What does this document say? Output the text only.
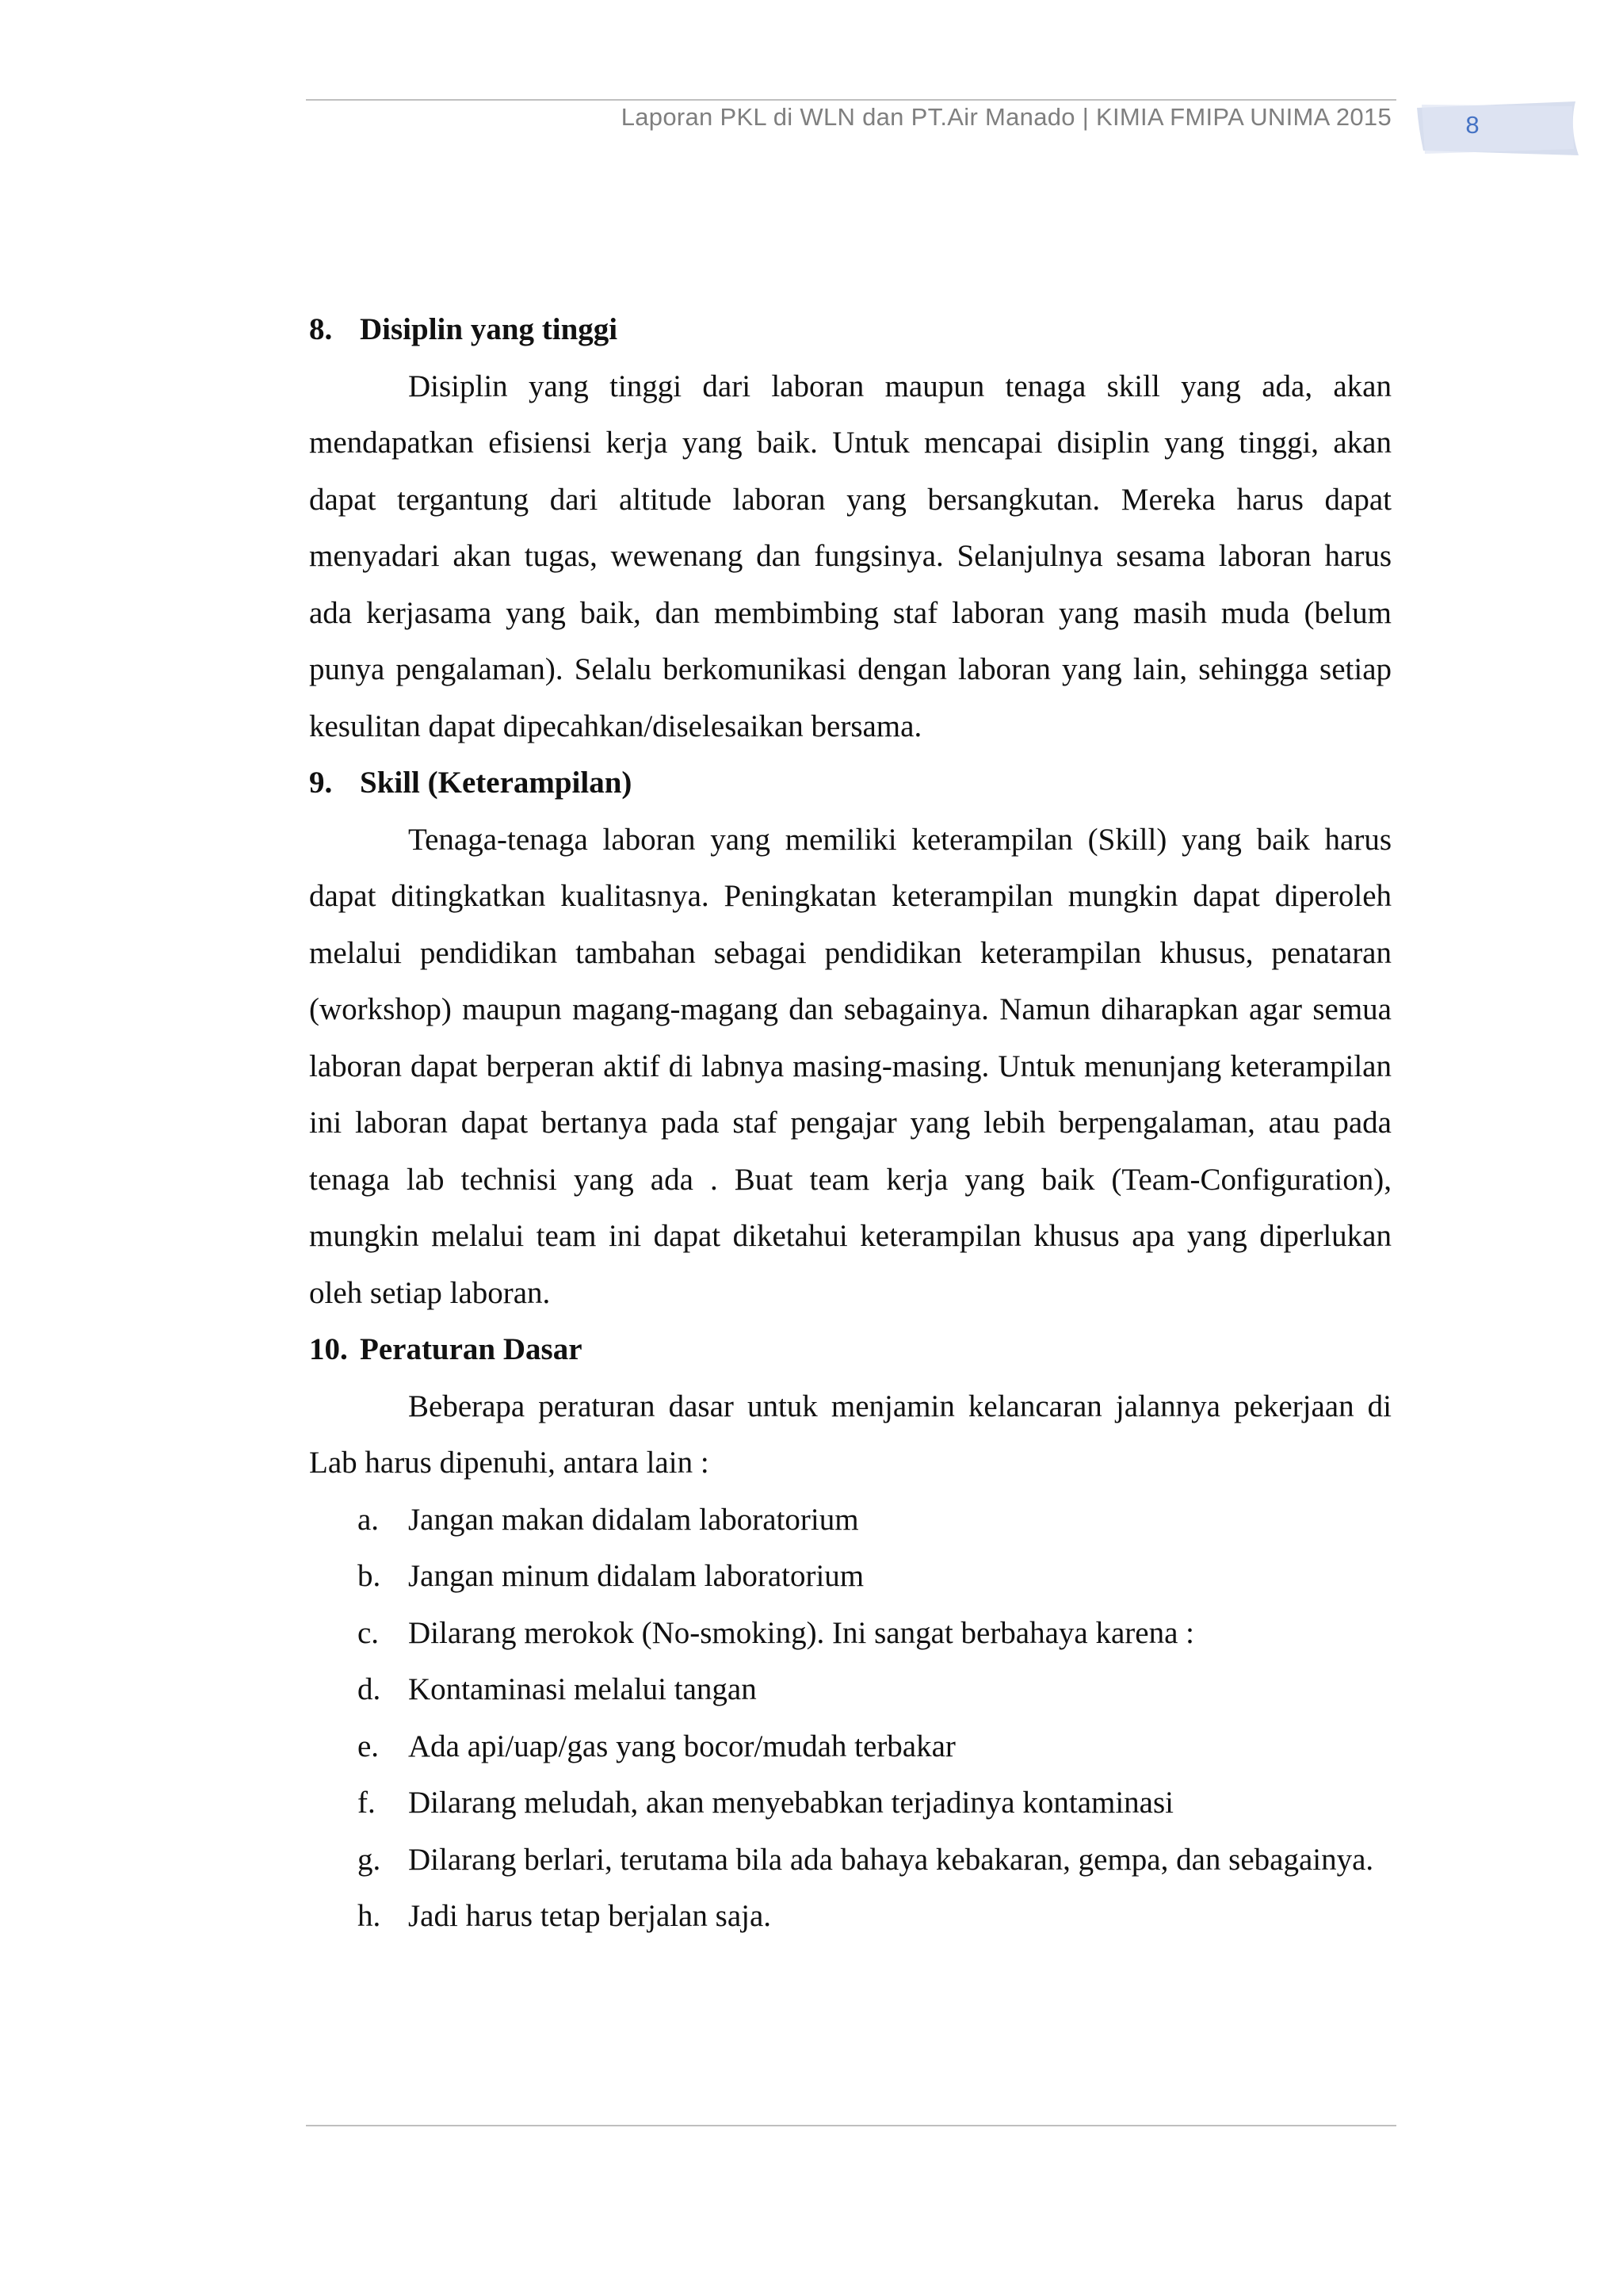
Laporan PKL di WLN dan PT.Air Manado | KIMIA FMIPA UNIMA 2015	8
8. Disiplin yang tinggi

Disiplin yang tinggi dari laboran maupun tenaga skill yang ada, akan mendapatkan efisiensi kerja yang baik. Untuk mencapai disiplin yang tinggi, akan dapat tergantung dari altitude laboran yang bersangkutan. Mereka harus dapat menyadari akan tugas, wewenang dan fungsinya. Selanjulnya sesama laboran harus ada kerjasama yang baik, dan membimbing staf laboran yang masih muda (belum punya pengalaman). Selalu berkomunikasi dengan laboran yang lain, sehingga setiap kesulitan dapat dipecahkan/diselesaikan bersama.

9. Skill (Keterampilan)

Tenaga-tenaga laboran yang memiliki keterampilan (Skill) yang baik harus dapat ditingkatkan kualitasnya. Peningkatan keterampilan mungkin dapat diperoleh melalui pendidikan tambahan sebagai pendidikan keterampilan khusus, penataran (workshop) maupun magang-magang dan sebagainya. Namun diharapkan agar semua laboran dapat berperan aktif di labnya masing-masing. Untuk menunjang keterampilan ini laboran dapat bertanya pada staf pengajar yang lebih berpengalaman, atau pada tenaga lab technisi yang ada . Buat team kerja yang baik (Team-Configuration), mungkin melalui team ini dapat diketahui keterampilan khusus apa yang diperlukan oleh setiap laboran.

10. Peraturan Dasar

Beberapa peraturan dasar untuk menjamin kelancaran jalannya pekerjaan di Lab harus dipenuhi, antara lain :

a. Jangan makan didalam laboratorium
b. Jangan minum didalam laboratorium
c. Dilarang merokok (No-smoking). Ini sangat berbahaya karena :
d. Kontaminasi melalui tangan
e. Ada api/uap/gas yang bocor/mudah terbakar
f. Dilarang meludah, akan menyebabkan terjadinya kontaminasi
g. Dilarang berlari, terutama bila ada bahaya kebakaran, gempa, dan sebagainya.
h. Jadi harus tetap berjalan saja.
